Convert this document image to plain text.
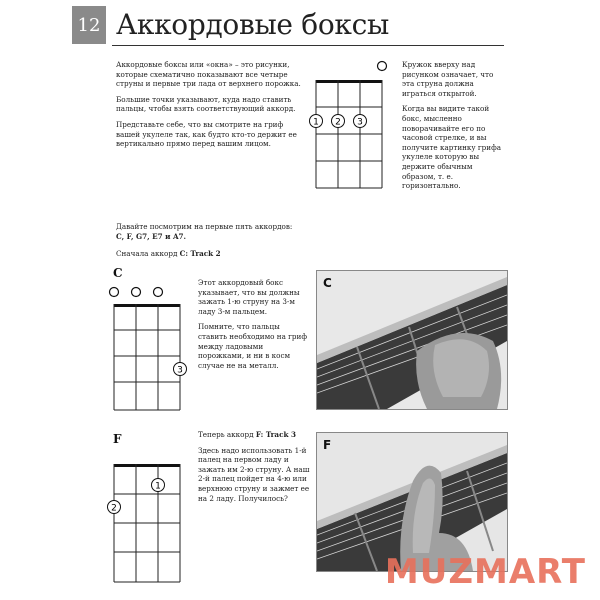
12 Аккордовые боксы

Аккордовые боксы или «окна» – это рисунки, которые схематично показывают все четыре струны и первые три лада от верхнего порожка.

Большие точки указывают, куда надо ставить пальцы, чтобы взять соответствующий аккорд.

Представьте себе, что вы смотрите на гриф вашей укулеле так, как будто кто-то держит ее вертикально прямо перед вашим лицом.

1 2 3

Кружок вверху над рисунком означает, что эта струна должна играться открытой.

Когда вы видите такой бокс, мысленно поворачивайте его по часовой стрелке, и вы получите картинку грифа укулеле которую вы держите обычным образом, т. е. горизонтально.

Давайте посмотрим на первые пять аккордов:
C, F, G7, E7 и A7.
Сначала аккорд C: Track 2
C
3

Этот аккордовый бокс указывает, что вы должны зажать 1-ю струну на 3-м ладу 3-м пальцем.

Помните, что пальцы ставить необходимо на гриф между ладовыми порожками, и ни в косм случае не на металл.

C
F
1
2

Теперь аккорд F: Track 3

Здесь надо использовать 1-й палец на первом ладу и зажать им 2-ю струну. А наш 2-й палец пойдет на 4-ю или верхнюю струну и зажмет ее на 2 ладу. Получилось?

F
MUZMART
